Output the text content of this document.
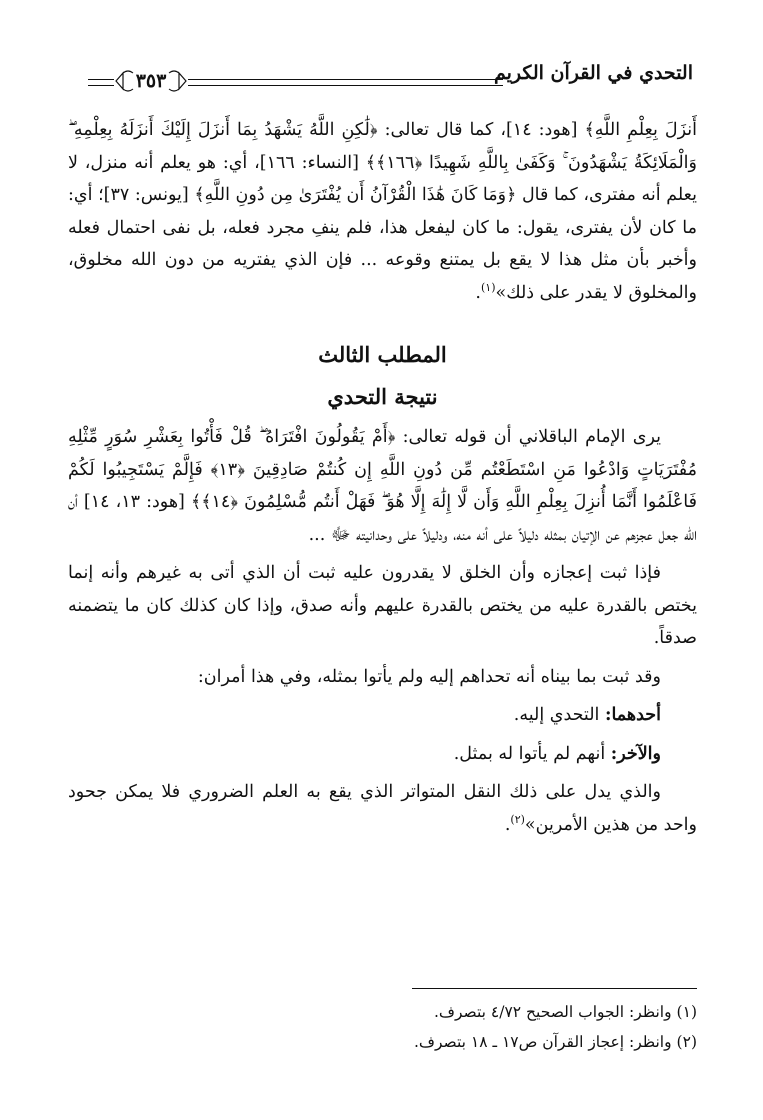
التحدي في القرآن الكريم
٣٥٣

أَنزَلَ بِعِلْمِ اللَّهِ﴾ [هود: ١٤]، كما قال تعالى: ﴿لَٰكِنِ اللَّهُ يَشْهَدُ بِمَا أَنزَلَ إِلَيْكَ أَنزَلَهُ بِعِلْمِهِ ۖ وَالْمَلَائِكَةُ يَشْهَدُونَ ۚ وَكَفَىٰ بِاللَّهِ شَهِيدًا ﴿١٦٦﴾﴾ [النساء: ١٦٦]، أي: هو يعلم أنه منزل، لا يعلم أنه مفترى، كما قال ﴿وَمَا كَانَ هَٰذَا الْقُرْآنُ أَن يُفْتَرَىٰ مِن دُونِ اللَّهِ﴾ [يونس: ٣٧]؛ أي: ما كان لأن يفترى، يقول: ما كان ليفعل هذا، فلم ينفِ مجرد فعله، بل نفى احتمال فعله وأخبر بأن مثل هذا لا يقع بل يمتنع وقوعه ... فإن الذي يفتريه من دون الله مخلوق، والمخلوق لا يقدر على ذلك»$^{(١)}$.

المطلب الثالث

نتيجة التحدي

يرى الإمام الباقلاني أن قوله تعالى: ﴿أَمْ يَقُولُونَ افْتَرَاهُ ۖ قُلْ فَأْتُوا بِعَشْرِ سُوَرٍ مِّثْلِهِ مُفْتَرَيَاتٍ وَادْعُوا مَنِ اسْتَطَعْتُم مِّن دُونِ اللَّهِ إِن كُنتُمْ صَادِقِينَ ﴿١٣﴾ فَإِلَّمْ يَسْتَجِيبُوا لَكُمْ فَاعْلَمُوا أَنَّمَا أُنزِلَ بِعِلْمِ اللَّهِ وَأَن لَّا إِلَٰهَ إِلَّا هُوَ ۖ فَهَلْ أَنتُم مُّسْلِمُونَ ﴿١٤﴾﴾ [هود: ١٣، ١٤] أن الله جعل عجزهم عن الإتيان بمثله دليلاً على أنه منه، ودليلاً على وحدانيته ﷻ ...

فإذا ثبت إعجازه وأن الخلق لا يقدرون عليه ثبت أن الذي أتى به غيرهم وأنه إنما يختص بالقدرة عليه من يختص بالقدرة عليهم وأنه صدق، وإذا كان كذلك كان ما يتضمنه صدقاً.

وقد ثبت بما بيناه أنه تحداهم إليه ولم يأتوا بمثله، وفي هذا أمران:

أحدهما: التحدي إليه.

والآخر: أنهم لم يأتوا له بمثل.

والذي يدل على ذلك النقل المتواتر الذي يقع به العلم الضروري فلا يمكن جحود واحد من هذين الأمرين»$^{(٢)}$.

(١) وانظر: الجواب الصحيح ٤/٧٢ بتصرف.

(٢) وانظر: إعجاز القرآن ص١٧ ـ ١٨ بتصرف.
